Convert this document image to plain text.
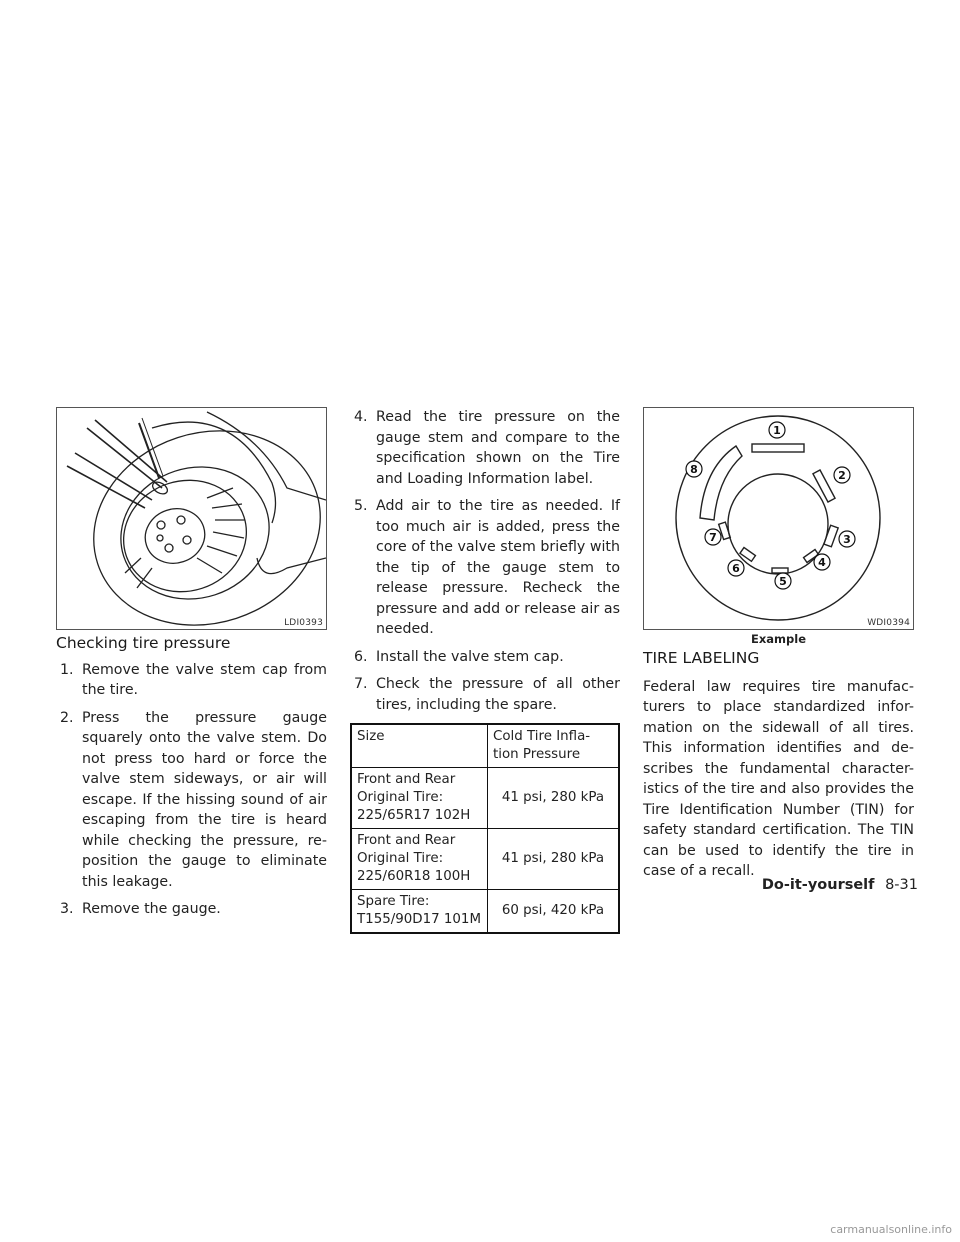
LDI0393
Checking tire pressure
1. Remove the valve stem cap from the tire.
2. Press the pressure gauge squarely onto the valve stem. Do not press too hard or force the valve stem sideways, or air will escape. If the hissing sound of air escaping from the tire is heard while checking the pressure, re-position the gauge to eliminate this leakage.
3. Remove the gauge.
4. Read the tire pressure on the gauge stem and compare to the specification shown on the Tire and Loading Information label.
5. Add air to the tire as needed. If too much air is added, press the core of the valve stem briefly with the tip of the gauge stem to release pressure. Recheck the pressure and add or release air as needed.
6. Install the valve stem cap.
7. Check the pressure of all other tires, including the spare.
Size	Cold Tire Infla-tion Pressure
Front and Rear Original Tire: 225/65R17 102H	41 psi, 280 kPa
Front and Rear Original Tire: 225/60R18 100H	41 psi, 280 kPa
Spare Tire: T155/90D17 101M	60 psi, 420 kPa
1
2
3
4
5
6
7
8
WDI0394
Example
TIRE LABELING

Federal law requires tire manufac-turers to place standardized infor-mation on the sidewall of all tires. This information identifies and de-scribes the fundamental character-istics of the tire and also provides the Tire Identification Number (TIN) for safety standard certification. The TIN can be used to identify the tire in case of a recall.

Do-it-yourself 8-31
carmanualsonline.info
